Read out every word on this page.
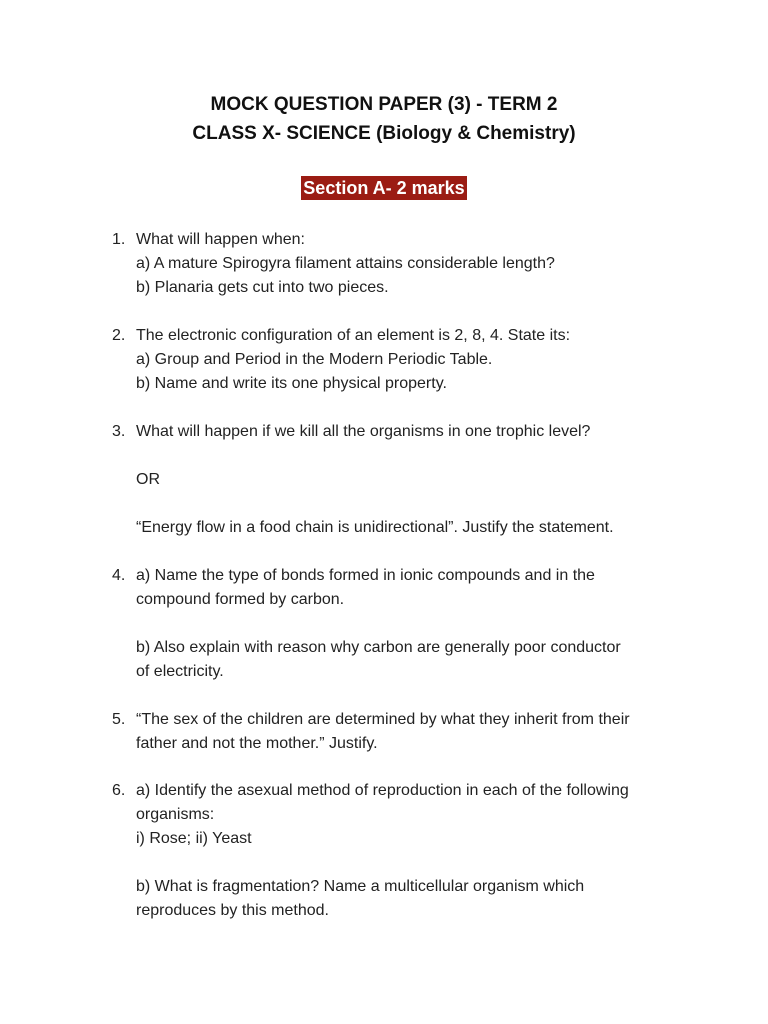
MOCK QUESTION PAPER (3) - TERM 2
CLASS X- SCIENCE (Biology & Chemistry)
Section A- 2 marks
1. What will happen when:
a) A mature Spirogyra filament attains considerable length?
b) Planaria gets cut into two pieces.
2. The electronic configuration of an element is 2, 8, 4. State its:
a) Group and Period in the Modern Periodic Table.
b) Name and write its one physical property.
3. What will happen if we kill all the organisms in one trophic level?
OR
“Energy flow in a food chain is unidirectional”. Justify the statement.
4. a) Name the type of bonds formed in ionic compounds and in the
compound formed by carbon.
b) Also explain with reason why carbon are generally poor conductor
of electricity.
5. “The sex of the children are determined by what they inherit from their
father and not the mother.” Justify.
6. a) Identify the asexual method of reproduction in each of the following
organisms:
i) Rose; ii) Yeast
b) What is fragmentation? Name a multicellular organism which
reproduces by this method.
